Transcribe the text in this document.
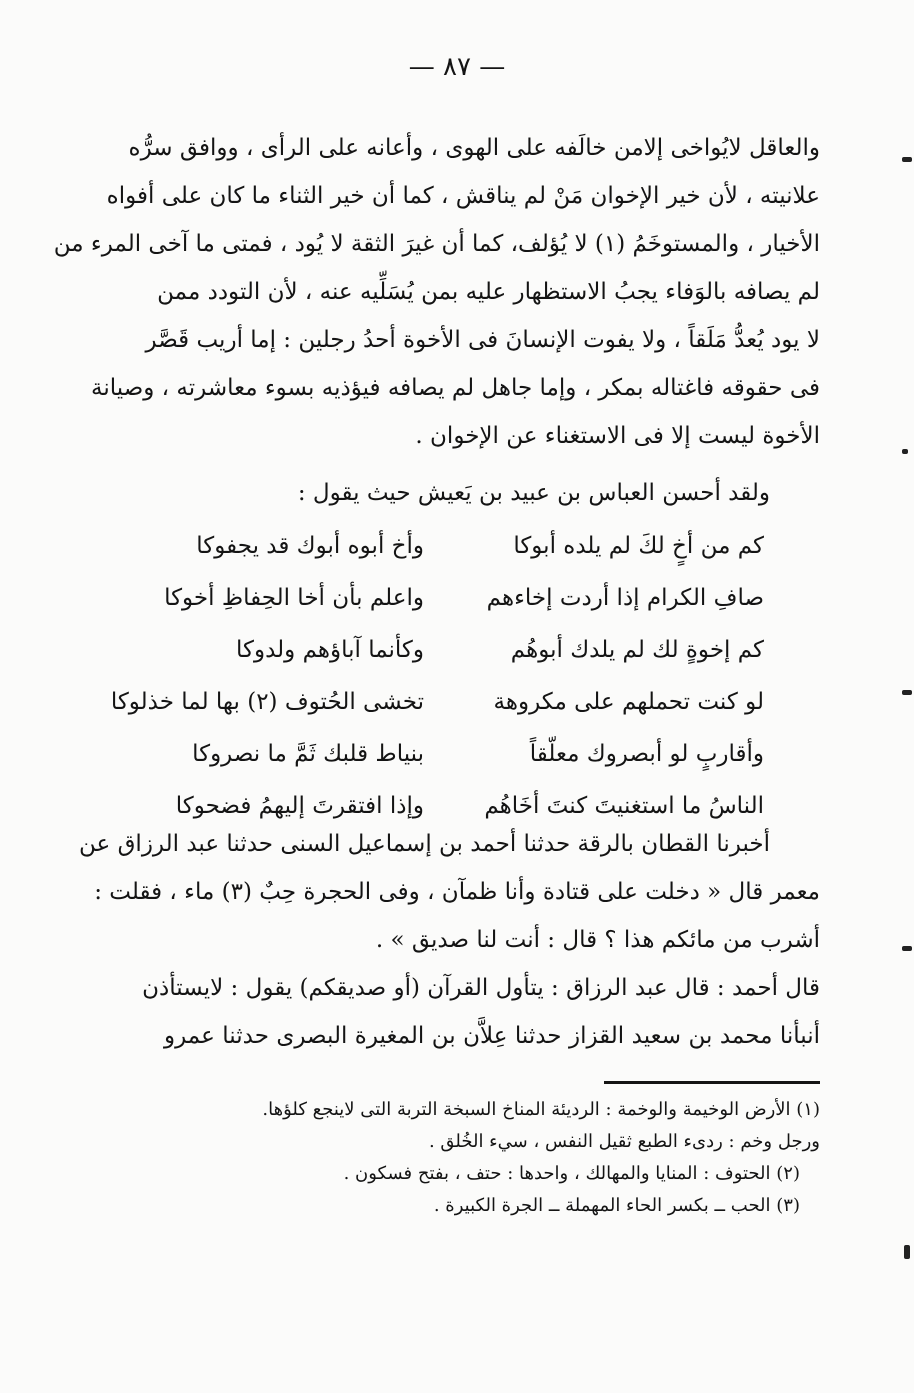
— ٨٧ —
والعاقل لايُواخى إلامن خالَفه على الهوى ، وأعانه على الرأى ، ووافق سرُّه
علانيته ، لأن خير الإخوان مَنْ لم يناقش ، كما أن خير الثناء ما كان على أفواه
الأخيار ، والمستوخَمُ (١) لا يُؤلف، كما أن غيرَ الثقة لا يُود ، فمتى ما آخى المرء من
لم يصافه بالوَفاء يجبُ الاستظهار عليه بمن يُسَلِّيه عنه ، لأن التودد ممن
لا يود يُعدُّ مَلَقاً ، ولا يفوت الإنسانَ فى الأخوة أحدُ رجلين : إما أريب قَصَّر
فى حقوقه فاغتاله بمكر ، وإما جاهل لم يصافه فيؤذيه بسوء معاشرته ، وصيانة
الأخوة ليست إلا فى الاستغناء عن الإخوان .
ولقد أحسن العباس بن عبيد بن يَعيش حيث يقول :
كم من أخٍ لكَ لم يلده أبوكا
وأخ أبوه أبوك قد يجفوكا
صافِ الكرام إذا أردت إخاءهم
واعلم بأن أخا الحِفاظِ أخوكا
كم إخوةٍ لك لم يلدك أبوهُم
وكأنما آباؤهم ولدوكا
لو كنت تحملهم على مكروهة
تخشى الحُتوف (٢) بها لما خذلوكا
وأقاربٍ لو أبصروك معلّقاً
بنياط قلبك ثَمَّ ما نصروكا
الناسُ ما استغنيتَ كنتَ أخَاهُم
وإذا افتقرتَ إليهمُ فضحوكا
أخبرنا القطان بالرقة حدثنا أحمد بن إسماعيل السنى حدثنا عبد الرزاق عن
معمر قال « دخلت على قتادة وأنا ظمآن ، وفى الحجرة حِبٌ (٣) ماء ، فقلت :
أشرب من مائكم هذا ؟ قال : أنت لنا صديق » .
قال أحمد : قال عبد الرزاق : يتأول القرآن (أو صديقكم) يقول : لايستأذن
أنبأنا محمد بن سعيد القزاز حدثنا عِلاَّن بن المغيرة البصرى حدثنا عمرو
(١) الأرض الوخيمة والوخمة : الرديئة المناخ السبخة التربة التى لاينجع كلؤها.
ورجل وخم : ردىء الطبع ثقيل النفس ، سيء الخُلق .
(٢) الحتوف : المنايا والمهالك ، واحدها : حتف ، بفتح فسكون .
(٣) الحب ــ بكسر الحاء المهملة ــ الجرة الكبيرة .
